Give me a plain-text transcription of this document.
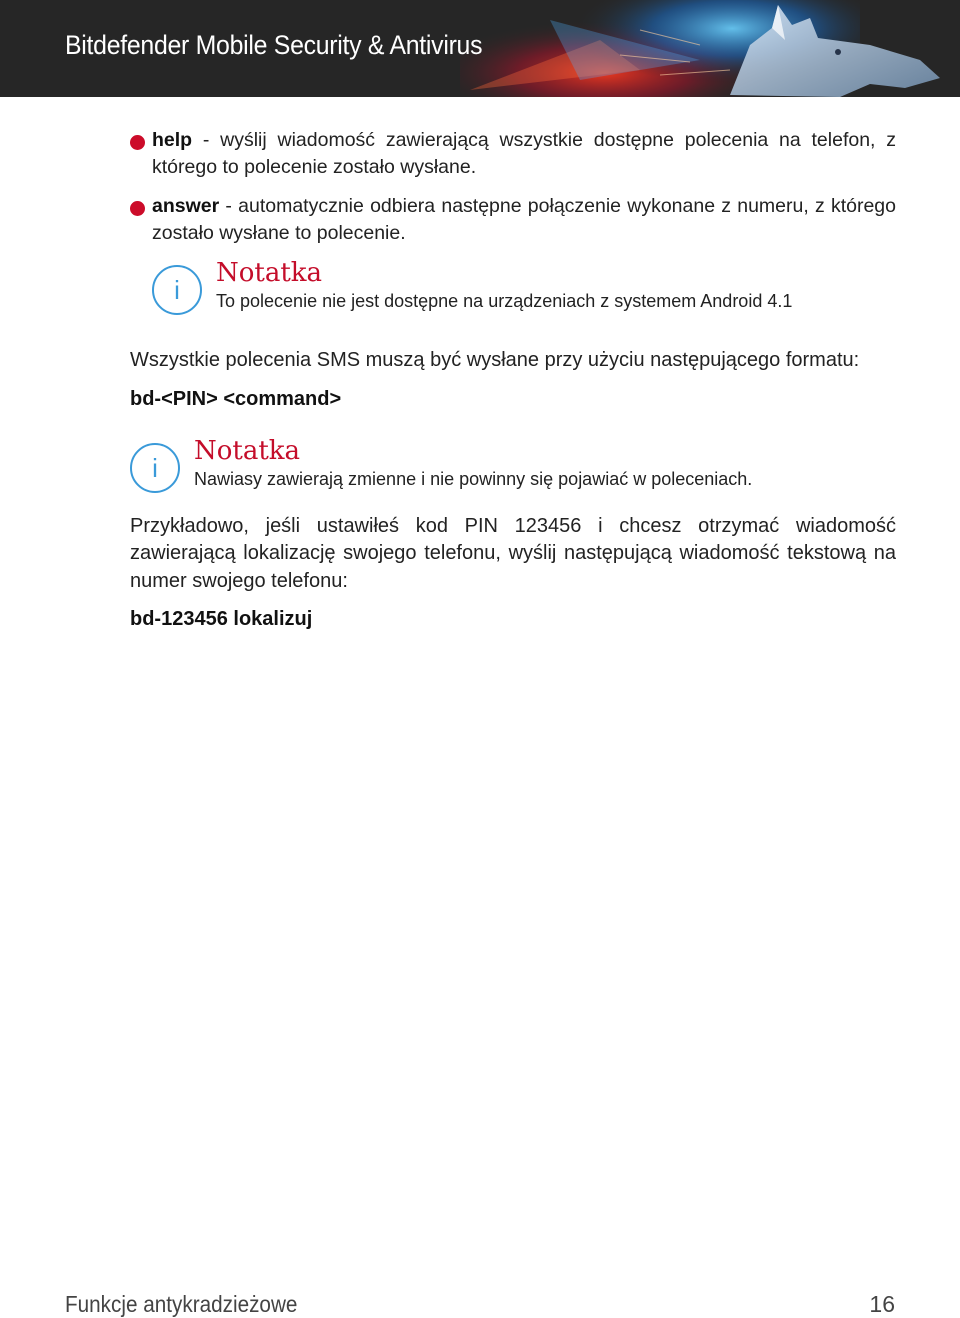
Bitdefender Mobile Security & Antivirus
help - wyślij wiadomość zawierającą wszystkie dostępne polecenia na telefon, z którego to polecenie zostało wysłane.
answer - automatycznie odbiera następne połączenie wykonane z numeru, z którego zostało wysłane to polecenie.
i
Notatka
To polecenie nie jest dostępne na urządzeniach z systemem Android 4.1

Wszystkie polecenia SMS muszą być wysłane przy użyciu następującego formatu:

bd-<PIN> <command>
i
Notatka
Nawiasy zawierają zmienne i nie powinny się pojawiać w poleceniach.

Przykładowo, jeśli ustawiłeś kod PIN 123456 i chcesz otrzymać wiadomość zawierającą lokalizację swojego telefonu, wyślij następującą wiadomość tekstową na numer swojego telefonu:

bd-123456 lokalizuj
Funkcje antykradzieżowe	16
